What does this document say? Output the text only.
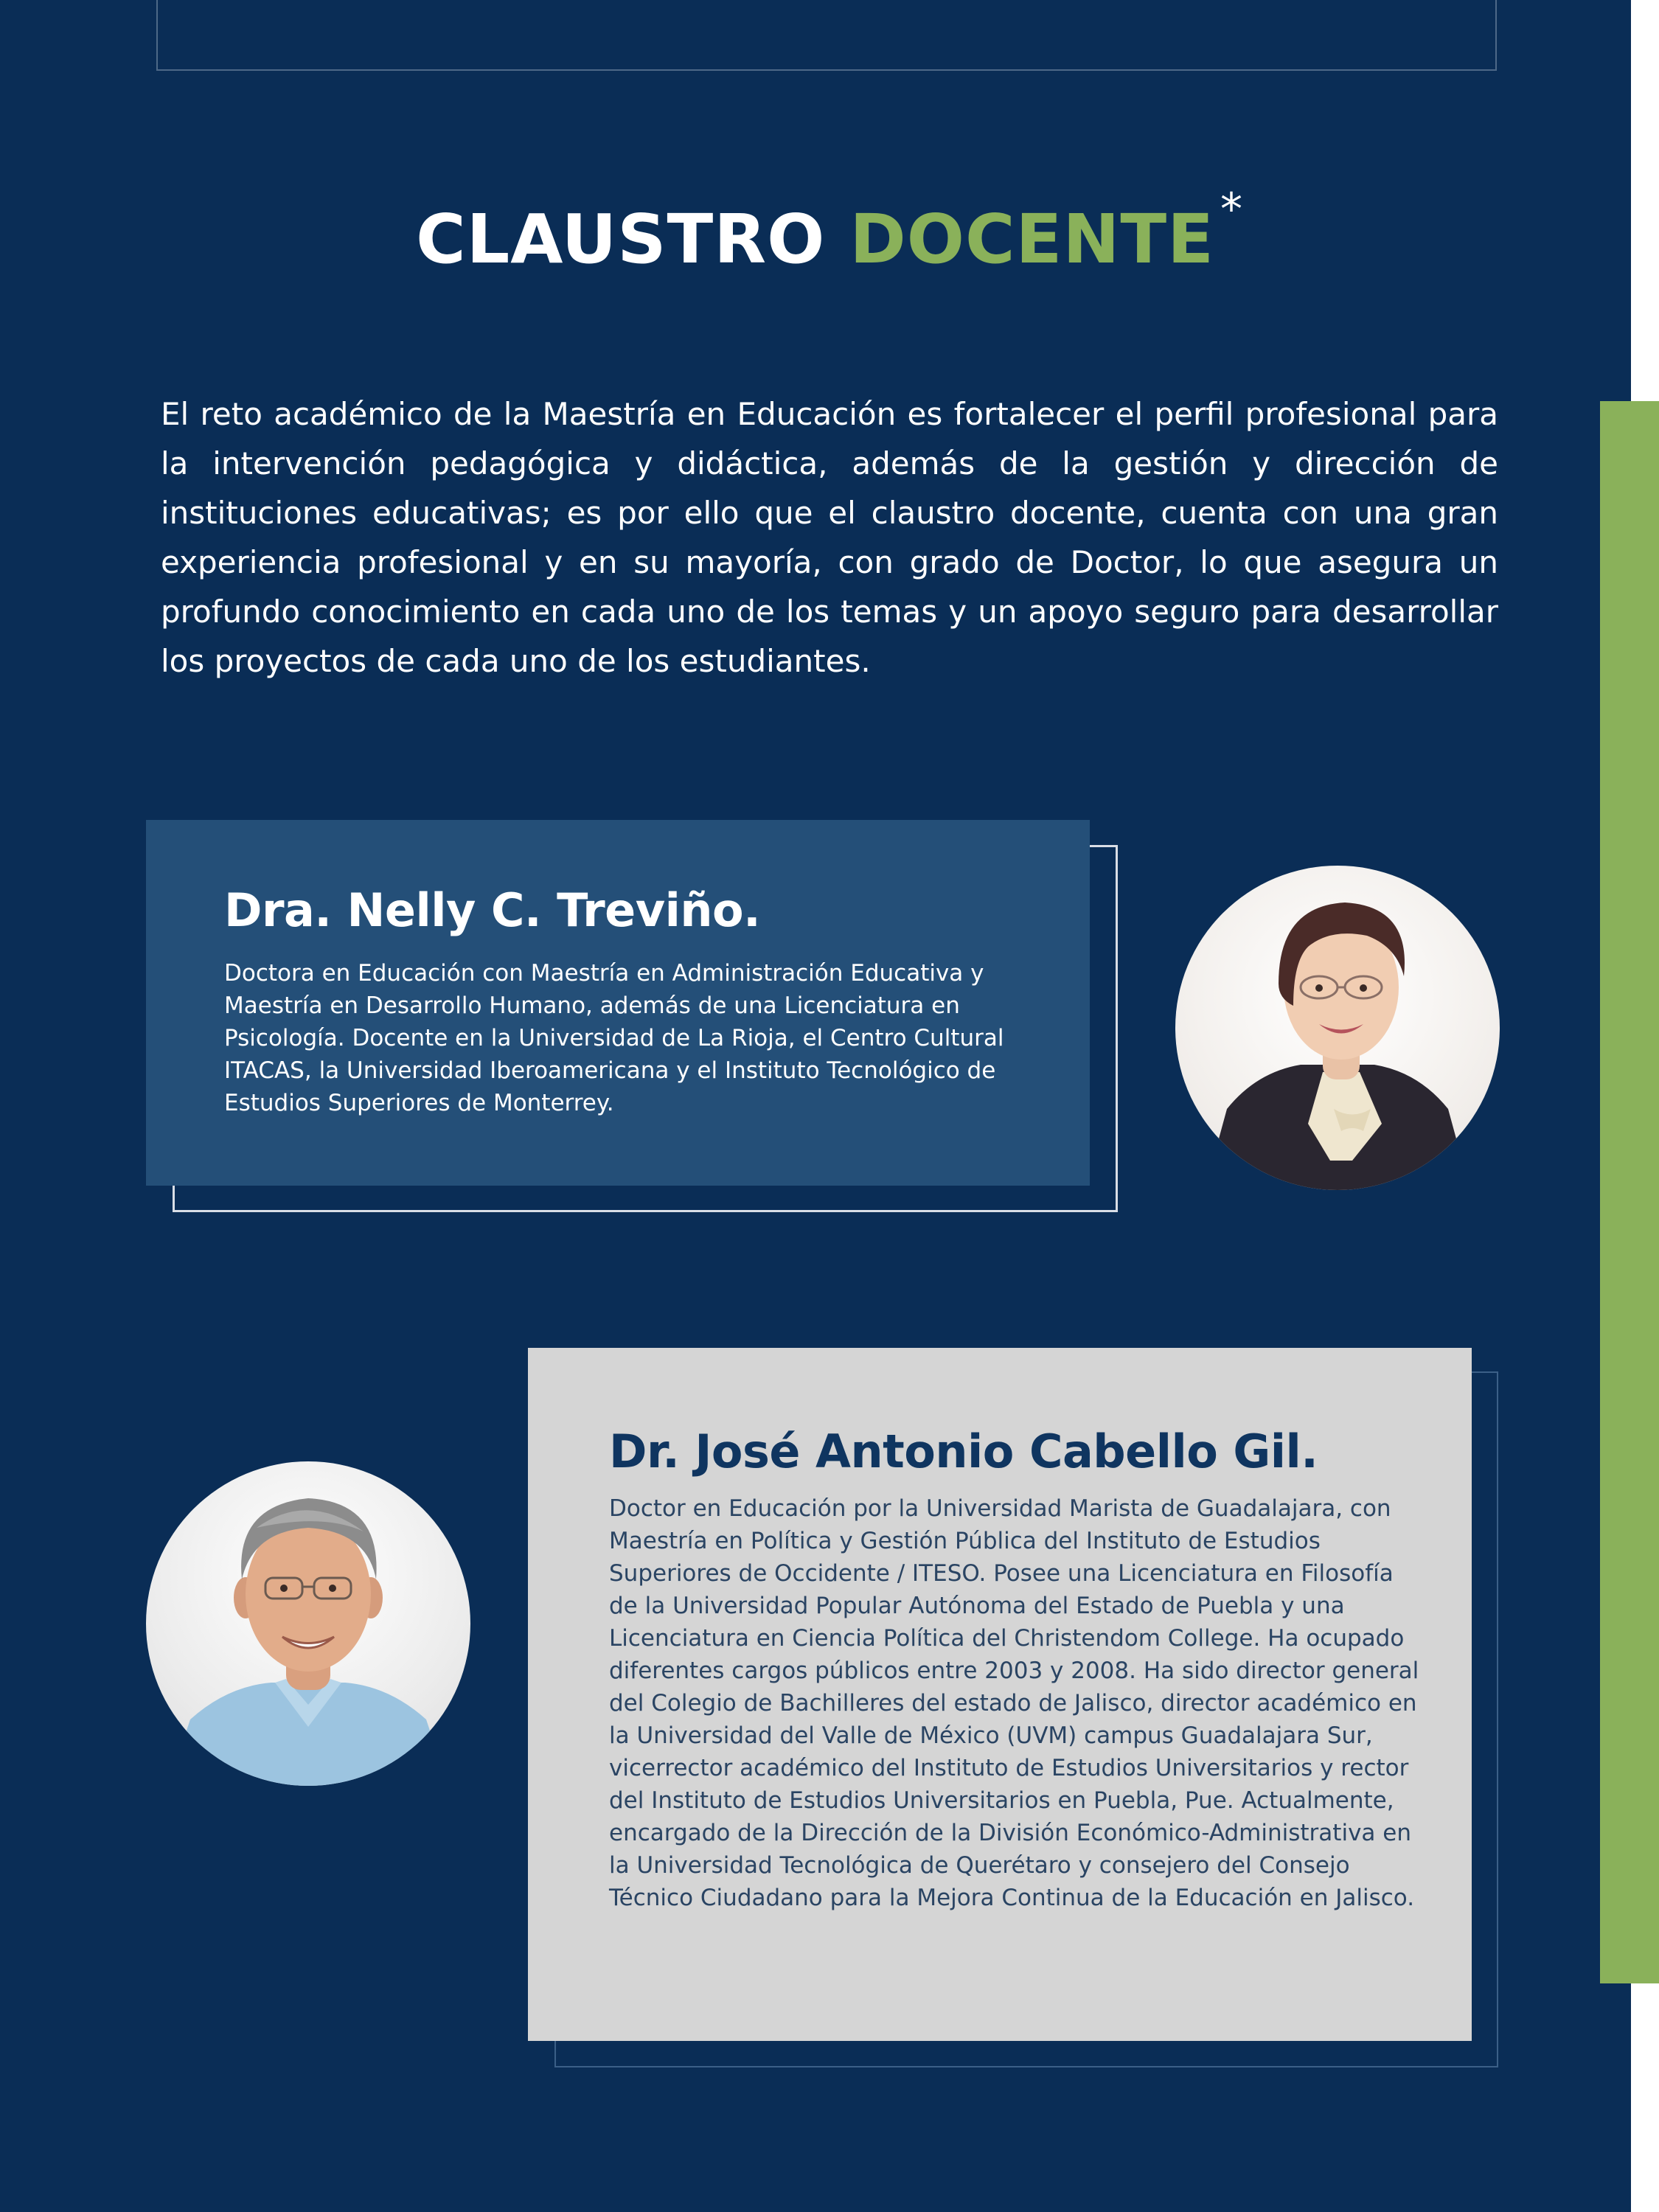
CLAUSTRO DOCENTE *

El reto académico de la Maestría en Educación es fortalecer el perfil profesional para la intervención pedagógica y didáctica, además de la gestión y dirección de instituciones educativas; es por ello que el claustro docente, cuenta con una gran experiencia profesional y en su mayoría, con grado de Doctor, lo que asegura un profundo conocimiento en cada uno de los temas y un apoyo seguro para desarrollar los proyectos de cada uno de los estudiantes.

Dra. Nelly C. Treviño.

Doctora en Educación con Maestría en Administración Educativa y Maestría en Desarrollo Humano, además de una Licenciatura en Psicología. Docente en la Universidad de La Rioja, el Centro Cultural ITACAS, la Universidad Iberoamericana y el Instituto Tecnológico de Estudios Superiores de Monterrey.

Dr. José Antonio Cabello Gil.

Doctor en Educación por la Universidad Marista de Guadalajara, con Maestría en Política y Gestión Pública del Instituto de Estudios Superiores de Occidente / ITESO. Posee una Licenciatura en Filosofía de la Universidad Popular Autónoma del Estado de Puebla y una Licenciatura en Ciencia Política del Christendom College. Ha ocupado diferentes cargos públicos entre 2003 y 2008. Ha sido director general del Colegio de Bachilleres del estado de Jalisco, director académico en la Universidad del Valle de México (UVM) campus Guadalajara Sur, vicerrector académico del Instituto de Estudios Universitarios y rector del Instituto de Estudios Universitarios en Puebla, Pue. Actualmente, encargado de la Dirección de la División Económico-Administrativa en la Universidad Tecnológica de Querétaro y consejero del Consejo Técnico Ciudadano para la Mejora Continua de la Educación en Jalisco.
